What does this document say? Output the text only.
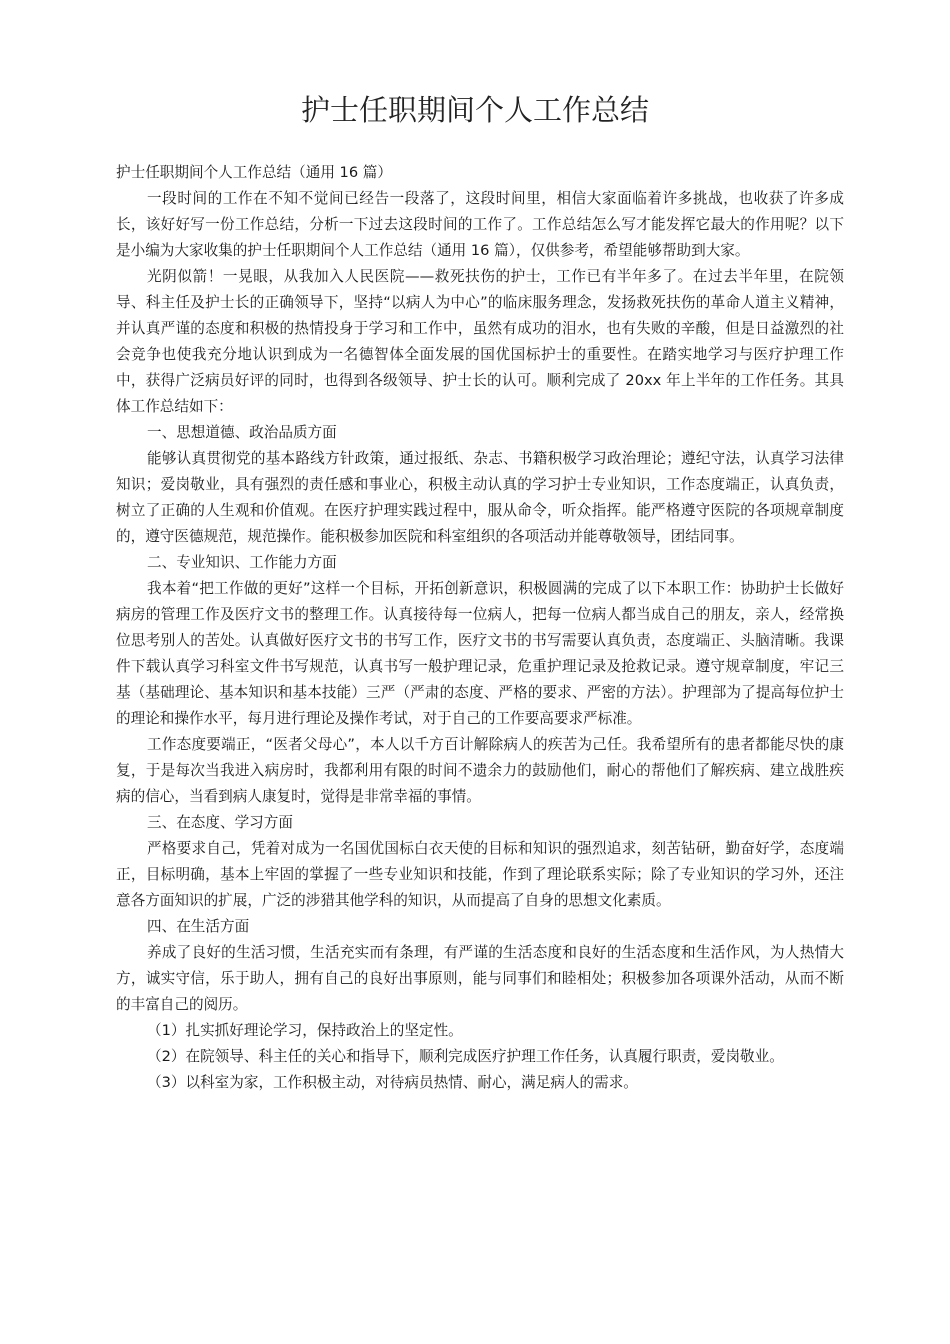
护士任职期间个人工作总结

护士任职期间个人工作总结（通用 16 篇）

一段时间的工作在不知不觉间已经告一段落了，这段时间里，相信大家面临着许多挑战，也收获了许多成长，该好好写一份工作总结，分析一下过去这段时间的工作了。工作总结怎么写才能发挥它最大的作用呢？以下是小编为大家收集的护士任职期间个人工作总结（通用 16 篇），仅供参考，希望能够帮助到大家。

光阴似箭！一晃眼，从我加入人民医院——救死扶伤的护士，工作已有半年多了。在过去半年里，在院领导、科主任及护士长的正确领导下，坚持“以病人为中心”的临床服务理念，发扬救死扶伤的革命人道主义精神，并认真严谨的态度和积极的热情投身于学习和工作中，虽然有成功的泪水，也有失败的辛酸，但是日益激烈的社会竞争也使我充分地认识到成为一名德智体全面发展的国优国标护士的重要性。在踏实地学习与医疗护理工作中，获得广泛病员好评的同时，也得到各级领导、护士长的认可。顺利完成了 20xx 年上半年的工作任务。其具体工作总结如下：

一、思想道德、政治品质方面

能够认真贯彻党的基本路线方针政策，通过报纸、杂志、书籍积极学习政治理论；遵纪守法，认真学习法律知识；爱岗敬业，具有强烈的责任感和事业心，积极主动认真的学习护士专业知识，工作态度端正，认真负责，树立了正确的人生观和价值观。在医疗护理实践过程中，服从命令，听众指挥。能严格遵守医院的各项规章制度的，遵守医德规范，规范操作。能积极参加医院和科室组织的各项活动并能尊敬领导，团结同事。

二、专业知识、工作能力方面

我本着“把工作做的更好”这样一个目标，开拓创新意识，积极圆满的完成了以下本职工作：协助护士长做好病房的管理工作及医疗文书的整理工作。认真接待每一位病人，把每一位病人都当成自己的朋友，亲人，经常换位思考别人的苦处。认真做好医疗文书的书写工作，医疗文书的书写需要认真负责，态度端正、头脑清晰。我课件下载认真学习科室文件书写规范，认真书写一般护理记录，危重护理记录及抢救记录。遵守规章制度，牢记三基（基础理论、基本知识和基本技能）三严（严肃的态度、严格的要求、严密的方法）。护理部为了提高每位护士的理论和操作水平，每月进行理论及操作考试，对于自己的工作要高要求严标准。

工作态度要端正，“医者父母心”，本人以千方百计解除病人的疾苦为己任。我希望所有的患者都能尽快的康复，于是每次当我进入病房时，我都利用有限的时间不遗余力的鼓励他们，耐心的帮他们了解疾病、建立战胜疾病的信心，当看到病人康复时，觉得是非常幸福的事情。

三、在态度、学习方面

严格要求自己，凭着对成为一名国优国标白衣天使的目标和知识的强烈追求，刻苦钻研，勤奋好学，态度端正，目标明确，基本上牢固的掌握了一些专业知识和技能，作到了理论联系实际；除了专业知识的学习外，还注意各方面知识的扩展，广泛的涉猎其他学科的知识，从而提高了自身的思想文化素质。

四、在生活方面

养成了良好的生活习惯，生活充实而有条理，有严谨的生活态度和良好的生活态度和生活作风，为人热情大方，诚实守信，乐于助人，拥有自己的良好出事原则，能与同事们和睦相处；积极参加各项课外活动，从而不断的丰富自己的阅历。

（1）扎实抓好理论学习，保持政治上的坚定性。

（2）在院领导、科主任的关心和指导下，顺利完成医疗护理工作任务，认真履行职责，爱岗敬业。

（3）以科室为家，工作积极主动，对待病员热情、耐心，满足病人的需求。
